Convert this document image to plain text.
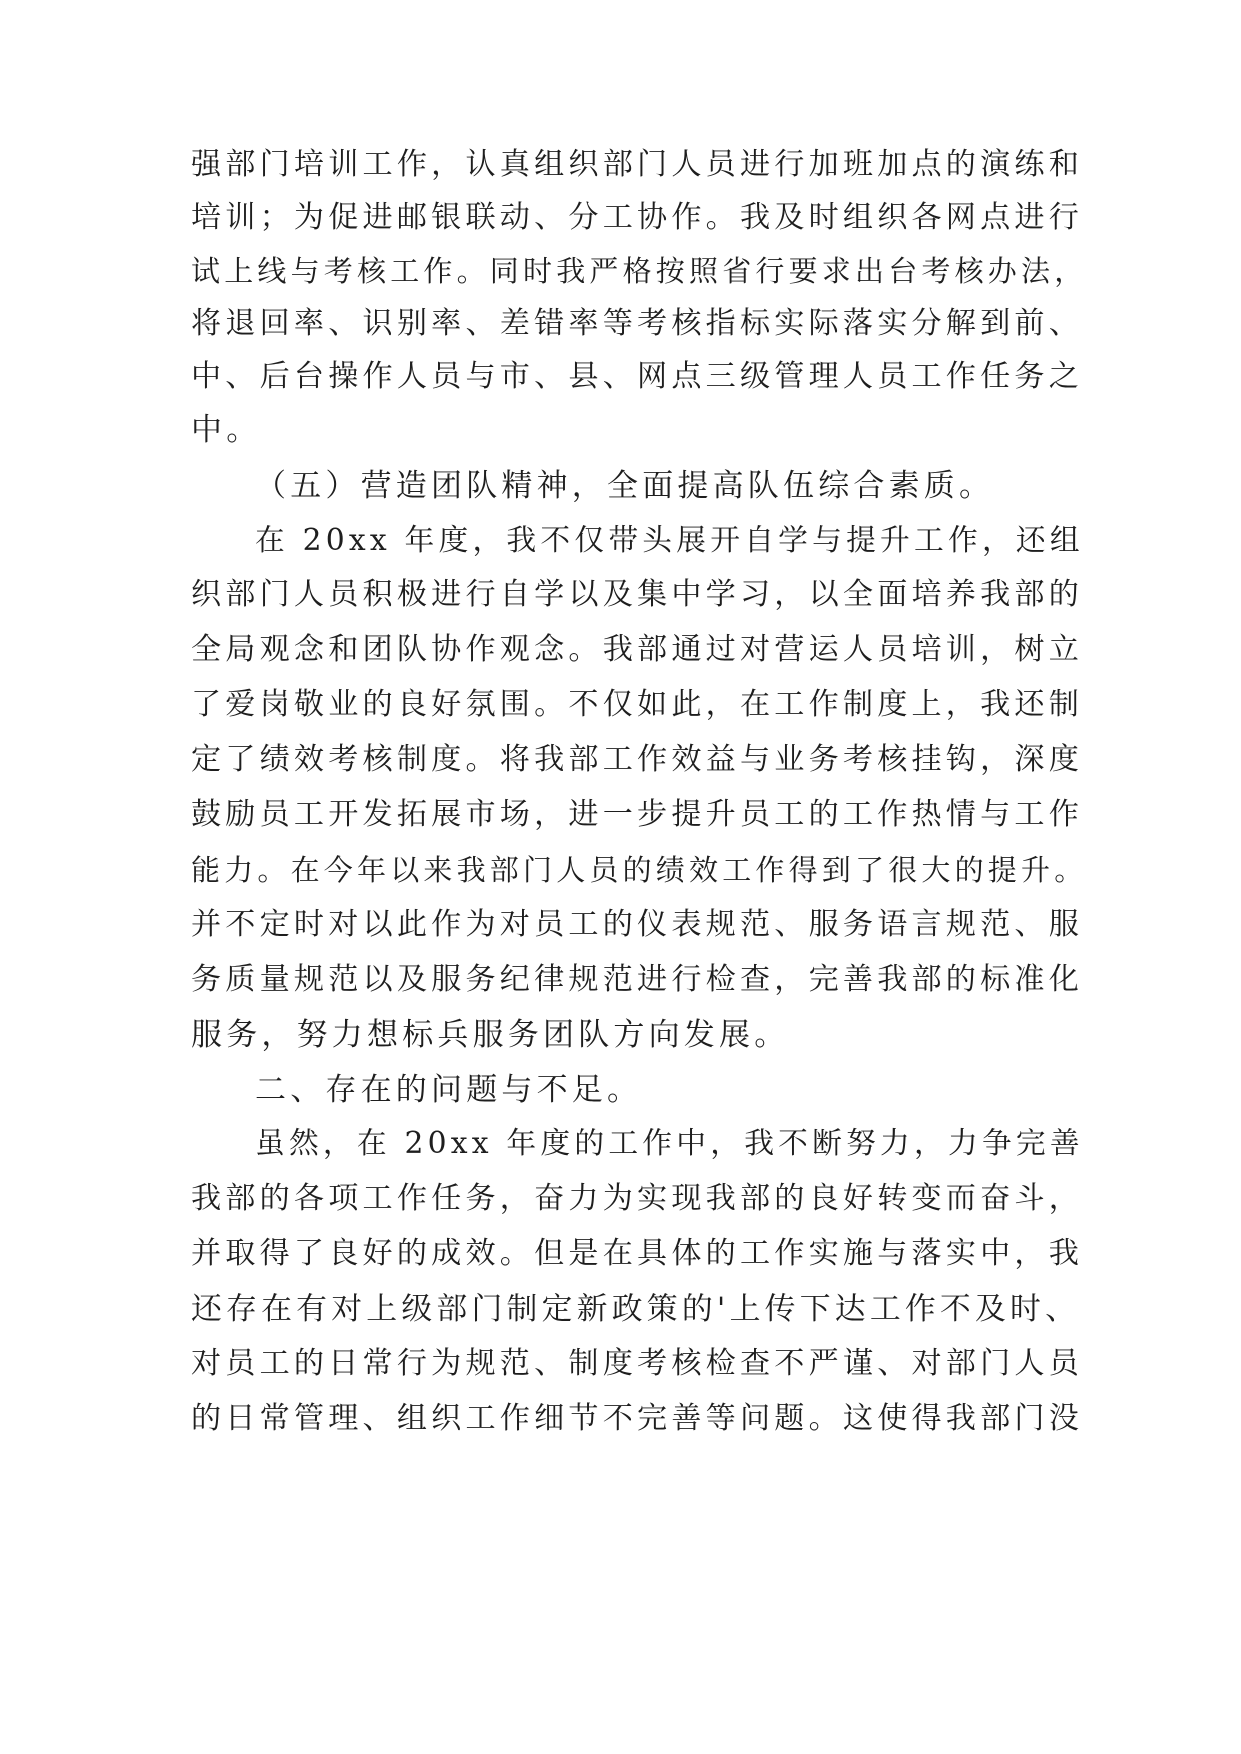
强部门培训工作，认真组织部门人员进行加班加点的演练和
培训；为促进邮银联动、分工协作。我及时组织各网点进行
试上线与考核工作。同时我严格按照省行要求出台考核办法，
将退回率、识别率、差错率等考核指标实际落实分解到前、
中、后台操作人员与市、县、网点三级管理人员工作任务之
中。
（五）营造团队精神，全面提高队伍综合素质。
在 20xx 年度，我不仅带头展开自学与提升工作，还组
织部门人员积极进行自学以及集中学习，以全面培养我部的
全局观念和团队协作观念。我部通过对营运人员培训，树立
了爱岗敬业的良好氛围。不仅如此，在工作制度上，我还制
定了绩效考核制度。将我部工作效益与业务考核挂钩，深度
鼓励员工开发拓展市场，进一步提升员工的工作热情与工作
能力。在今年以来我部门人员的绩效工作得到了很大的提升。
并不定时对以此作为对员工的仪表规范、服务语言规范、服
务质量规范以及服务纪律规范进行检查，完善我部的标准化
服务，努力想标兵服务团队方向发展。
二、存在的问题与不足。
虽然，在 20xx 年度的工作中，我不断努力，力争完善
我部的各项工作任务，奋力为实现我部的良好转变而奋斗，
并取得了良好的成效。但是在具体的工作实施与落实中，我
还存在有对上级部门制定新政策的'上传下达工作不及时、
对员工的日常行为规范、制度考核检查不严谨、对部门人员
的日常管理、组织工作细节不完善等问题。这使得我部门没
